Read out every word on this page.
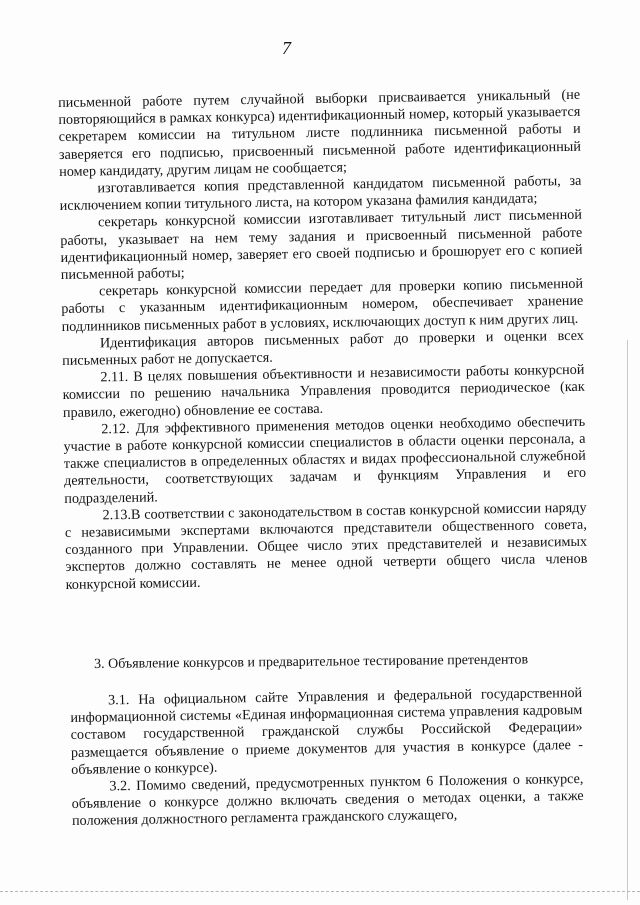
7

письменной работе путем случайной выборки присваивается уникальный (не повторяющийся в рамках конкурса) идентификационный номер, который указывается секретарем комиссии на титульном листе подлинника письменной работы и заверяется его подписью, присвоенный письменной работе идентификационный номер кандидату, другим лицам не сообщается;

изготавливается копия представленной кандидатом письменной работы, за исключением копии титульного листа, на котором указана фамилия кандидата;

секретарь конкурсной комиссии изготавливает титульный лист письменной работы, указывает на нем тему задания и присвоенный письменной работе идентификационный номер, заверяет его своей подписью и брошюрует его с копией письменной работы;

секретарь конкурсной комиссии передает для проверки копию письменной работы с указанным идентификационным номером, обеспечивает хранение подлинников письменных работ в условиях, исключающих доступ к ним других лиц.

Идентификация авторов письменных работ до проверки и оценки всех письменных работ не допускается.

2.11. В целях повышения объективности и независимости работы конкурсной комиссии по решению начальника Управления проводится периодическое (как правило, ежегодно) обновление ее состава.

2.12. Для эффективного применения методов оценки необходимо обеспечить участие в работе конкурсной комиссии специалистов в области оценки персонала, а также специалистов в определенных областях и видах профессиональной служебной деятельности, соответствующих задачам и функциям Управления и его подразделений.

2.13.В соответствии с законодательством в состав конкурсной комиссии наряду с независимыми экспертами включаются представители общественного совета, созданного при Управлении. Общее число этих представителей и независимых экспертов должно составлять не менее одной четверти общего числа членов конкурсной комиссии.

3. Объявление конкурсов и предварительное тестирование претендентов

3.1. На официальном сайте Управления и федеральной государственной информационной системы «Единая информационная система управления кадровым составом государственной гражданской службы Российской Федерации» размещается объявление о приеме документов для участия в конкурсе (далее - объявление о конкурсе).

3.2. Помимо сведений, предусмотренных пунктом 6 Положения о конкурсе, объявление о конкурсе должно включать сведения о методах оценки, а также положения должностного регламента гражданского служащего,
